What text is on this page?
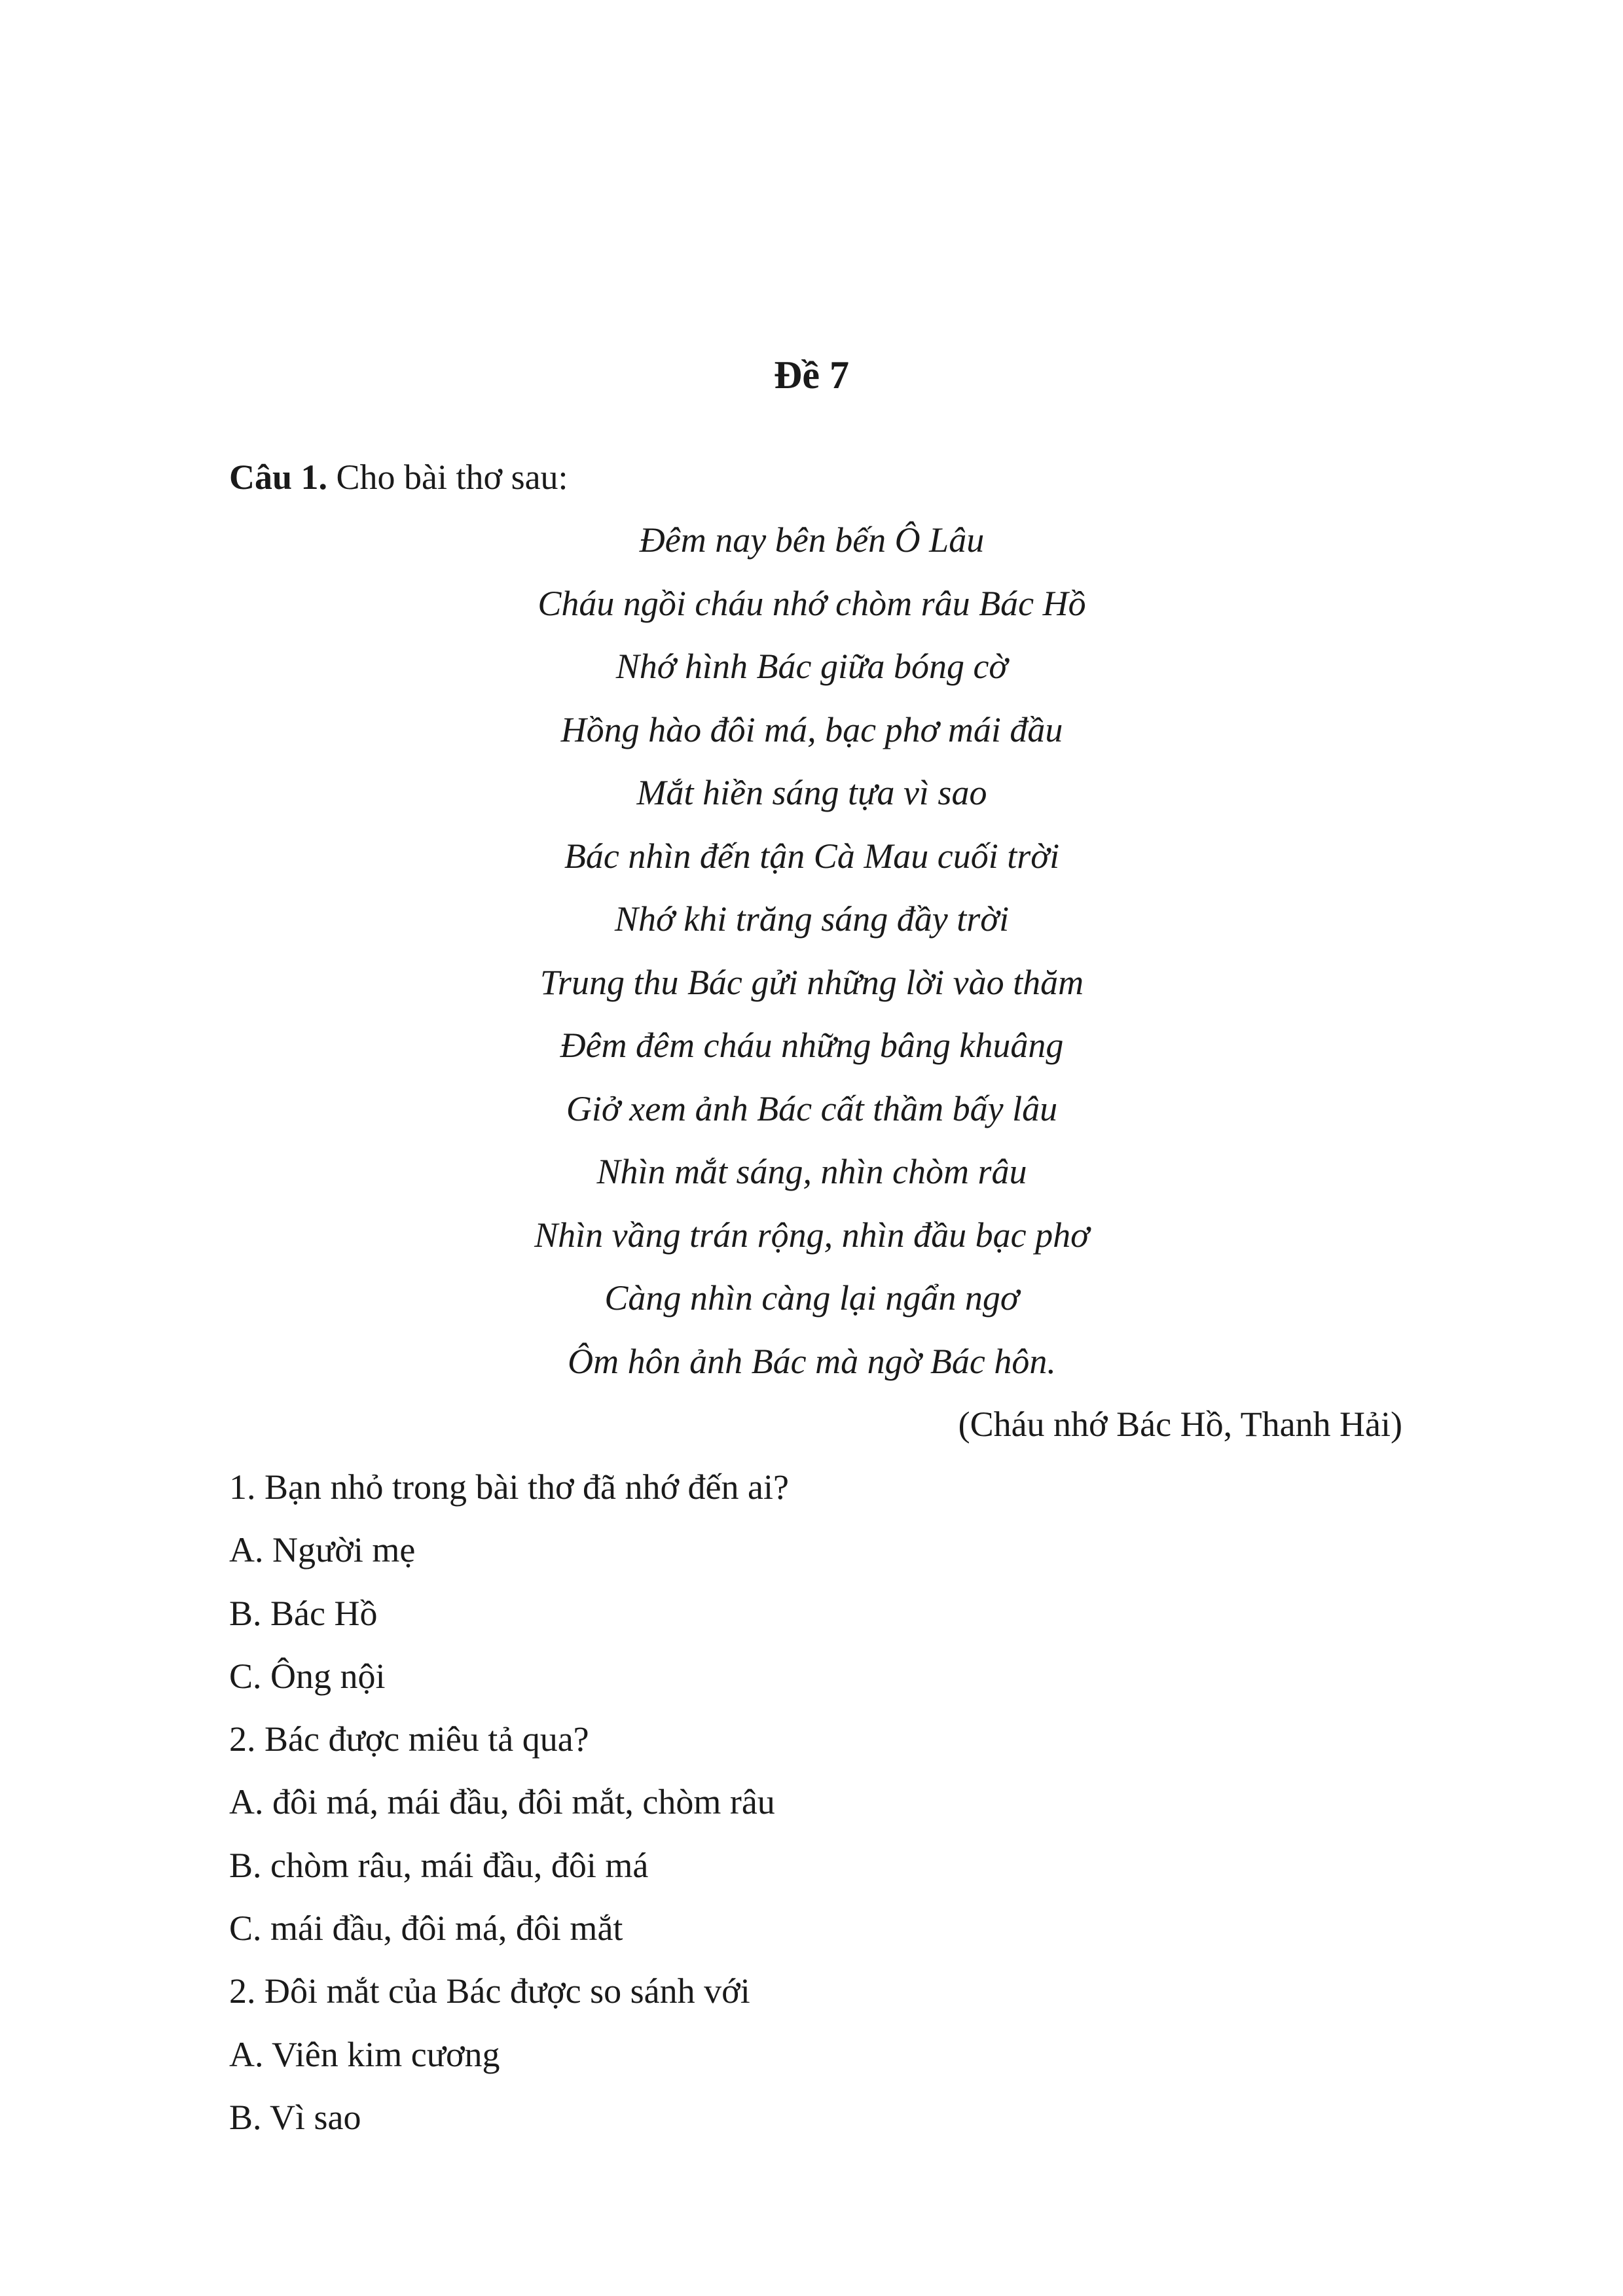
Đề 7
Câu 1. Cho bài thơ sau:
Đêm nay bên bến Ô Lâu
Cháu ngồi cháu nhớ chòm râu Bác Hồ
Nhớ hình Bác giữa bóng cờ
Hồng hào đôi má, bạc phơ mái đầu
Mắt hiền sáng tựa vì sao
Bác nhìn đến tận Cà Mau cuối trời
Nhớ khi trăng sáng đầy trời
Trung thu Bác gửi những lời vào thăm
Đêm đêm cháu những bâng khuâng
Giở xem ảnh Bác cất thầm bấy lâu
Nhìn mắt sáng, nhìn chòm râu
Nhìn vầng trán rộng, nhìn đầu bạc phơ
Càng nhìn càng lại ngẩn ngơ
Ôm hôn ảnh Bác mà ngờ Bác hôn.
(Cháu nhớ Bác Hồ, Thanh Hải)
1. Bạn nhỏ trong bài thơ đã nhớ đến ai?
A. Người mẹ
B. Bác Hồ
C. Ông nội
2. Bác được miêu tả qua?
A. đôi má, mái đầu, đôi mắt, chòm râu
B. chòm râu, mái đầu, đôi má
C. mái đầu, đôi má, đôi mắt
2. Đôi mắt của Bác được so sánh với
A. Viên kim cương
B. Vì sao
